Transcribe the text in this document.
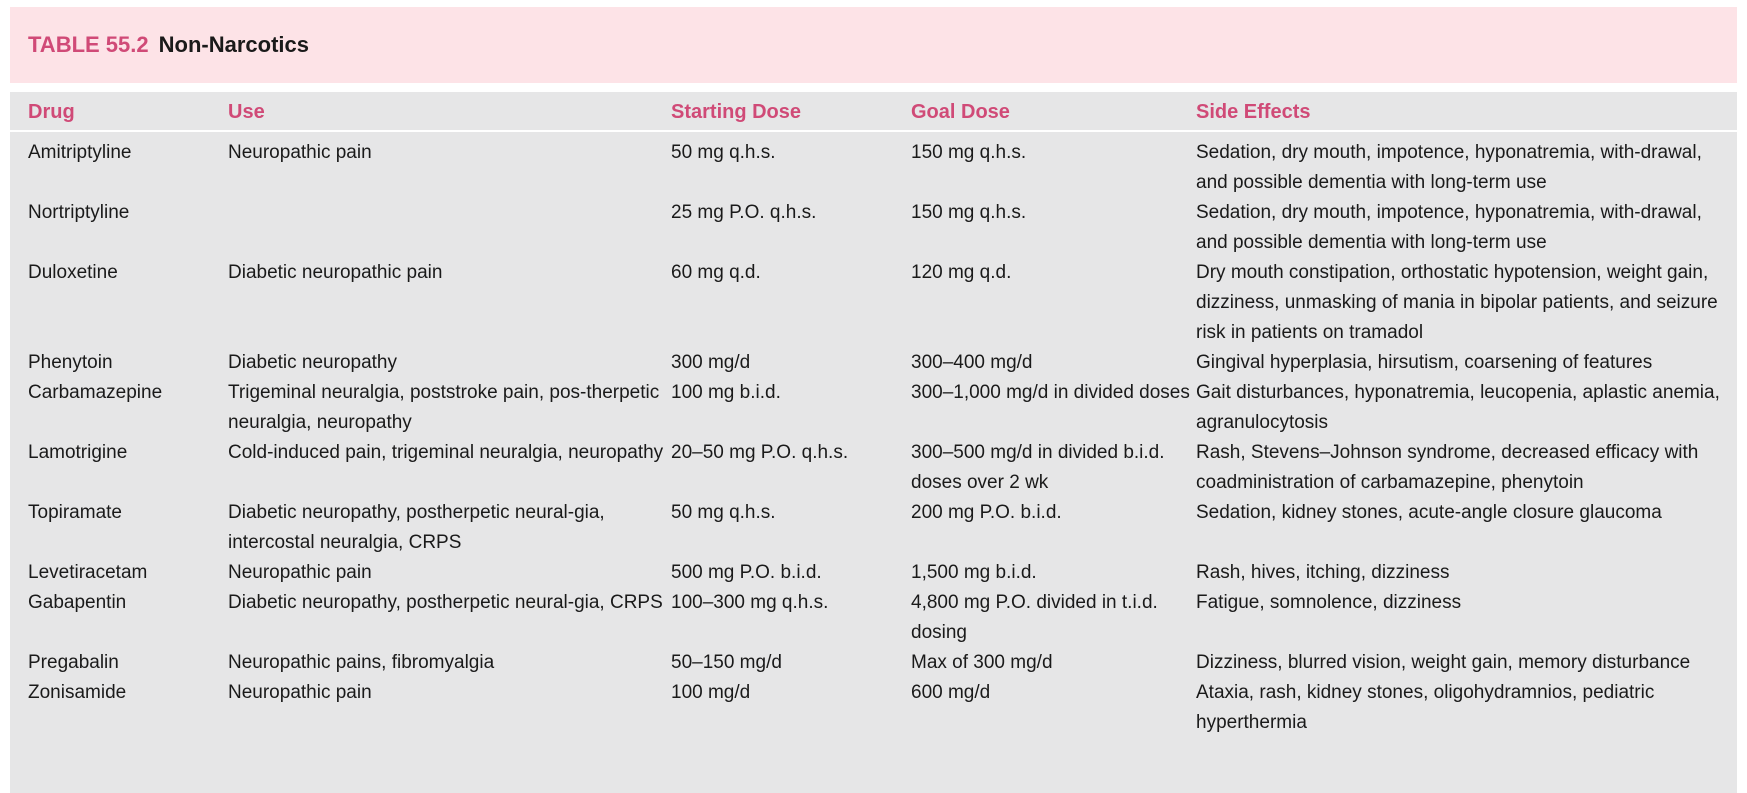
TABLE 55.2 Non-Narcotics
Drug	Use	Starting Dose	Goal Dose	Side Effects
Amitriptyline	Neuropathic pain	50 mg q.h.s.	150 mg q.h.s.	Sedation, dry mouth, impotence, hyponatremia, with-drawal, and possible dementia with long-term use
Nortriptyline		25 mg P.O. q.h.s.	150 mg q.h.s.	Sedation, dry mouth, impotence, hyponatremia, with-drawal, and possible dementia with long-term use
Duloxetine	Diabetic neuropathic pain	60 mg q.d.	120 mg q.d.	Dry mouth constipation, orthostatic hypotension, weight gain, dizziness, unmasking of mania in bipolar patients, and seizure risk in patients on tramadol
Phenytoin	Diabetic neuropathy	300 mg/d	300–400 mg/d	Gingival hyperplasia, hirsutism, coarsening of features
Carbamazepine	Trigeminal neuralgia, poststroke pain, pos-therpetic neuralgia, neuropathy	100 mg b.i.d.	300–1,000 mg/d in divided doses	Gait disturbances, hyponatremia, leucopenia, aplastic anemia, agranulocytosis
Lamotrigine	Cold-induced pain, trigeminal neuralgia, neuropathy	20–50 mg P.O. q.h.s.	300–500 mg/d in divided b.i.d. doses over 2 wk	Rash, Stevens–Johnson syndrome, decreased efficacy with coadministration of carbamazepine, phenytoin
Topiramate	Diabetic neuropathy, postherpetic neural-gia, intercostal neuralgia, CRPS	50 mg q.h.s.	200 mg P.O. b.i.d.	Sedation, kidney stones, acute-angle closure glaucoma
Levetiracetam	Neuropathic pain	500 mg P.O. b.i.d.	1,500 mg b.i.d.	Rash, hives, itching, dizziness
Gabapentin	Diabetic neuropathy, postherpetic neural-gia, CRPS	100–300 mg q.h.s.	4,800 mg P.O. divided in t.i.d. dosing	Fatigue, somnolence, dizziness
Pregabalin	Neuropathic pains, fibromyalgia	50–150 mg/d	Max of 300 mg/d	Dizziness, blurred vision, weight gain, memory disturbance
Zonisamide	Neuropathic pain	100 mg/d	600 mg/d	Ataxia, rash, kidney stones, oligohydramnios, pediatric hyperthermia
